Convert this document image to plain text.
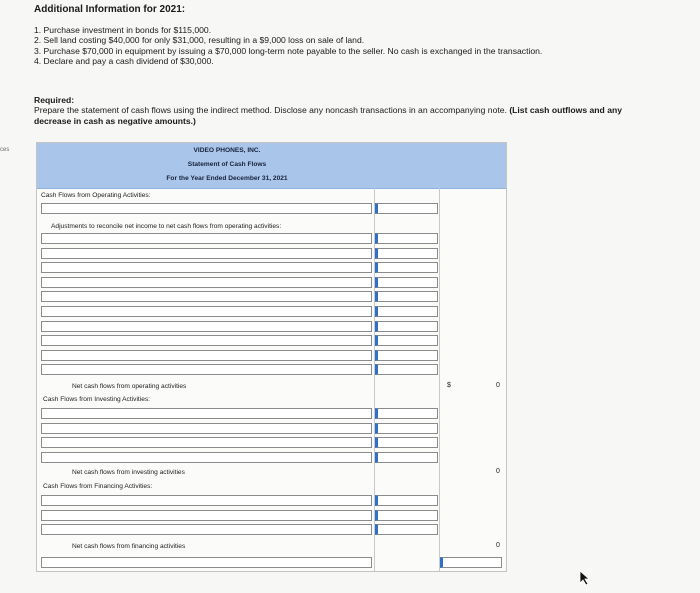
ces
Additional Information for 2021:
1. Purchase investment in bonds for $115,000.
2. Sell land costing $40,000 for only $31,000, resulting in a $9,000 loss on sale of land.
3. Purchase $70,000 in equipment by issuing a $70,000 long-term note payable to the seller. No cash is exchanged in the transaction.
4. Declare and pay a cash dividend of $30,000.
Required:
Prepare the statement of cash flows using the indirect method. Disclose any noncash transactions in an accompanying note. (List cash outflows and any decrease in cash as negative amounts.)
VIDEO PHONES, INC.
Statement of Cash Flows
For the Year Ended December 31, 2021
Cash Flows from Operating Activities:
Adjustments to reconcile net income to net cash flows from operating activities:
Net cash flows from operating activities	$	0
Cash Flows from Investing Activities:
Net cash flows from investing activities	0
Cash Flows from Financing Activities:
Net cash flows from financing activities	0
